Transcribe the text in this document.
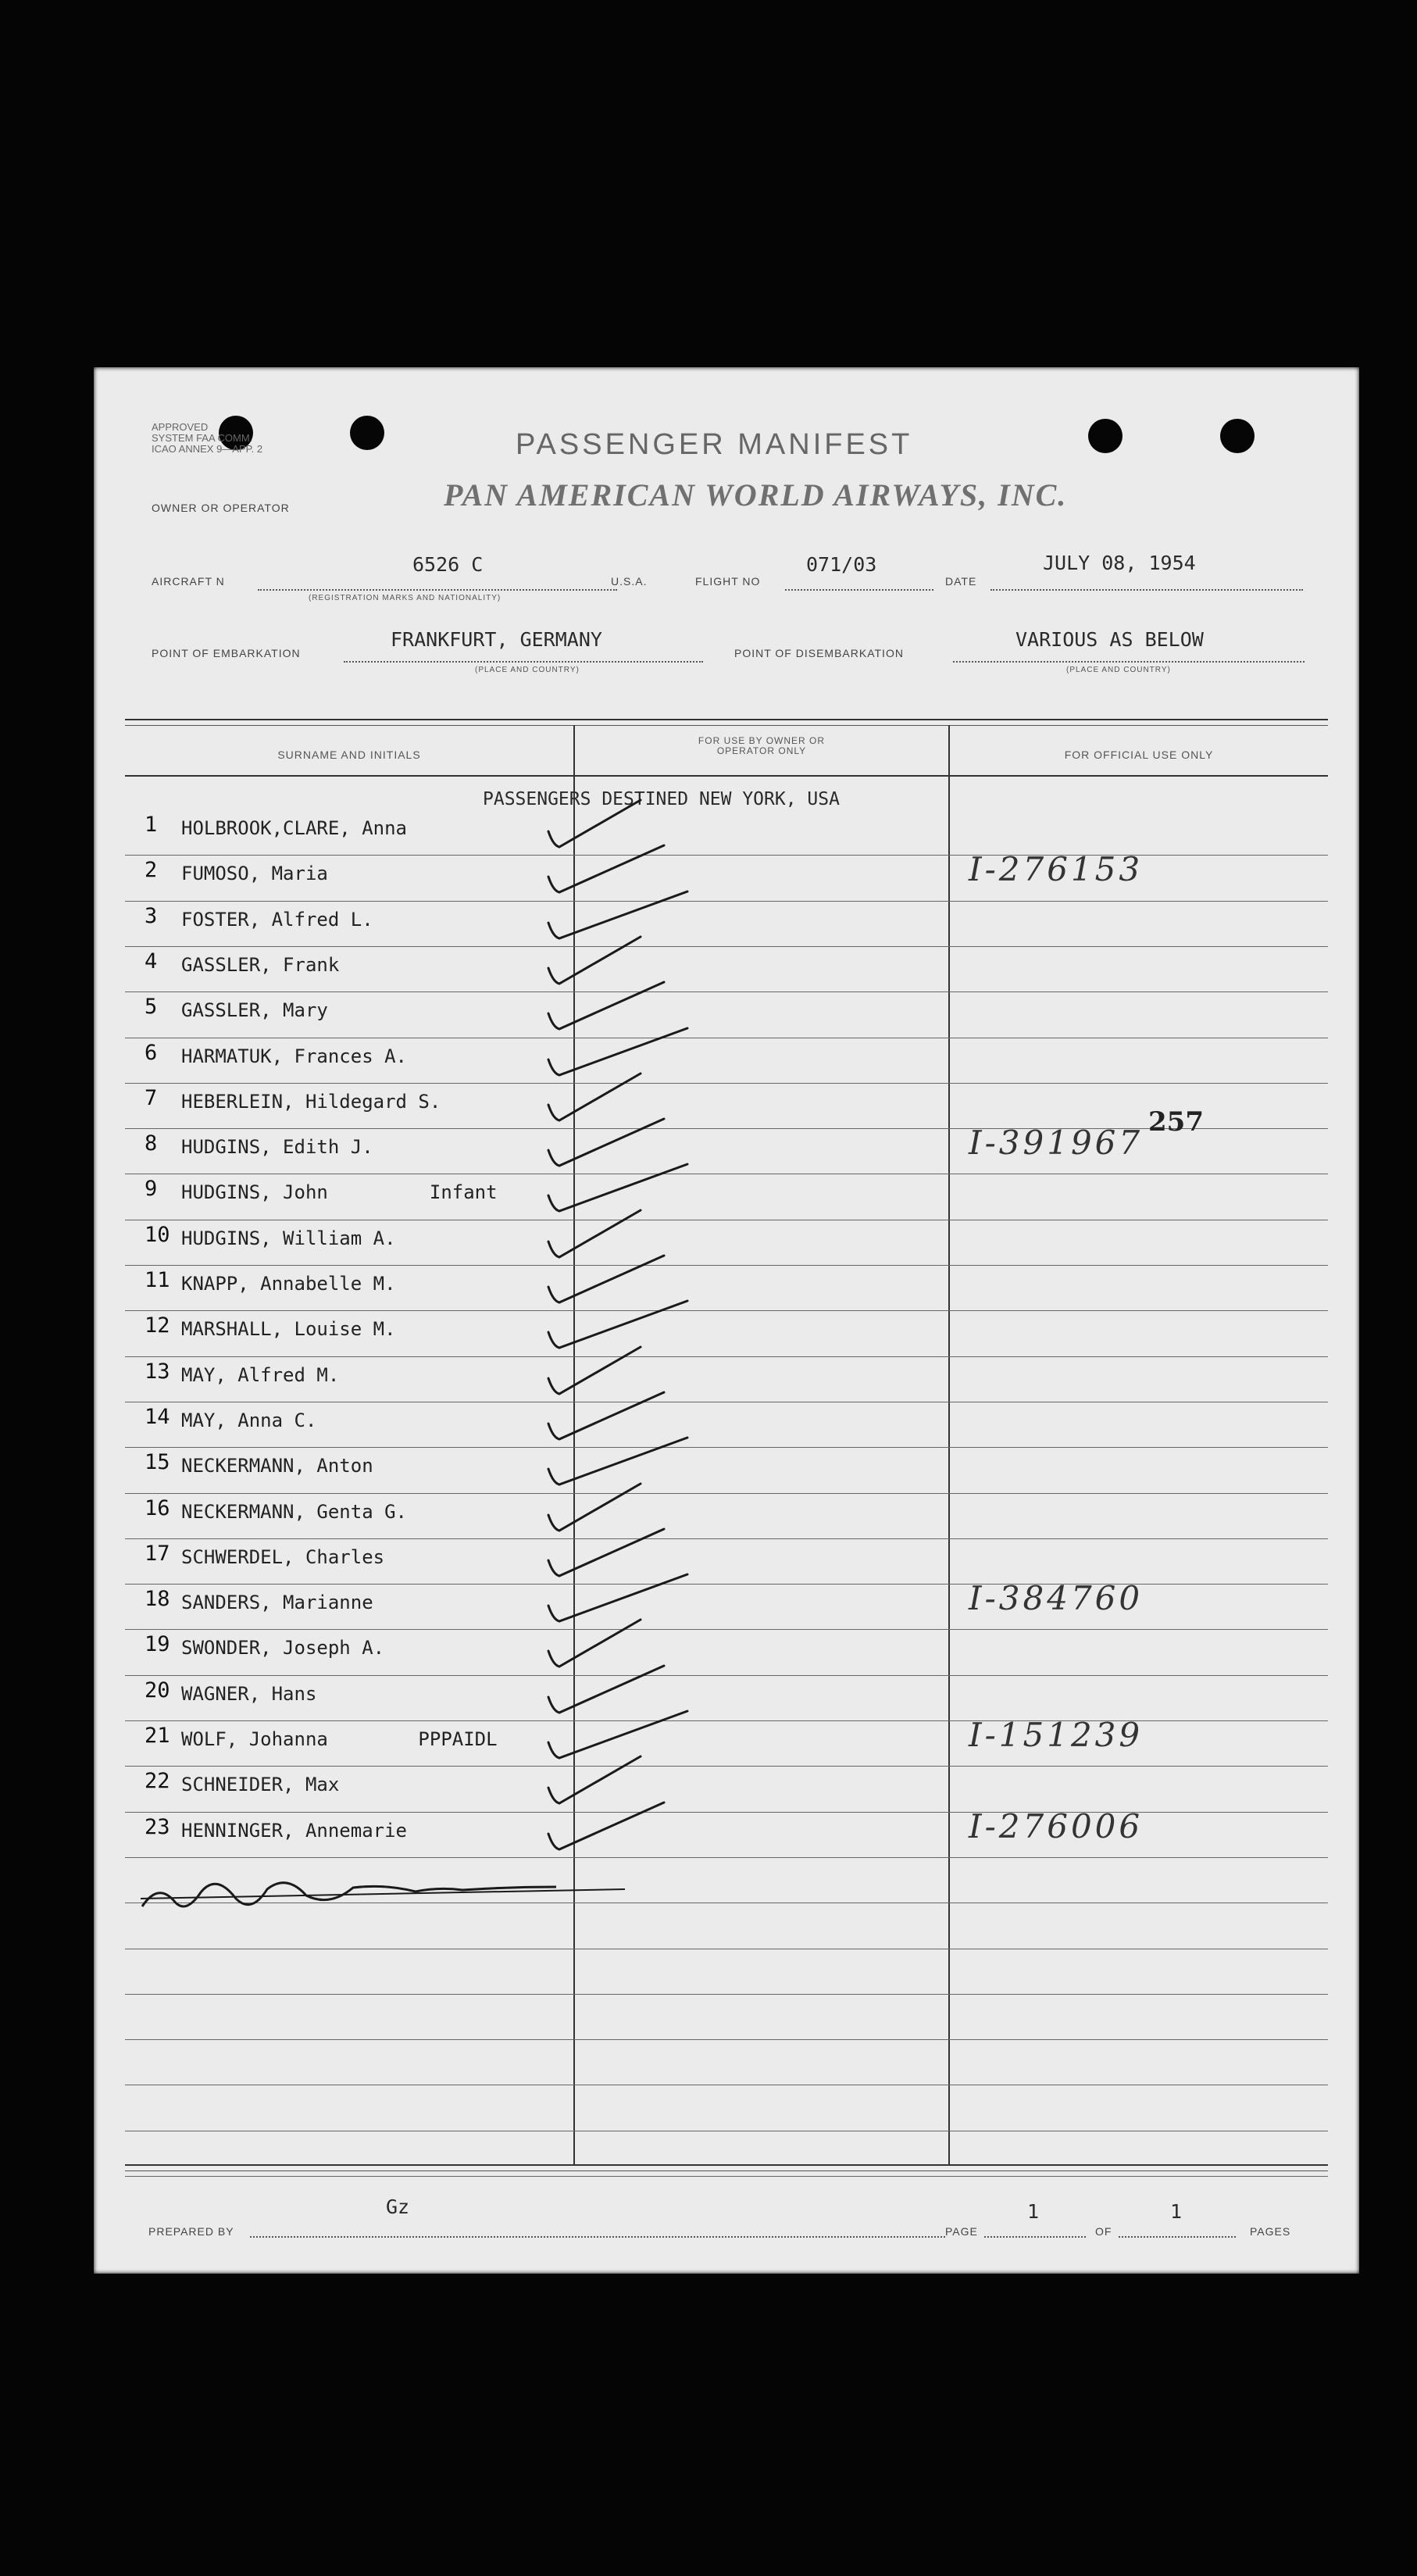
APPROVED
SYSTEM FAA COMM.
ICAO ANNEX 9—APP. 2	PASSENGER MANIFEST
PAN AMERICAN WORLD AIRWAYS, INC.
OWNER OR OPERATOR
AIRCRAFT N
6526 C
(REGISTRATION MARKS AND NATIONALITY)
U.S.A.	FLIGHT NO
071/03
DATE
JULY 08, 1954
POINT OF EMBARKATION
FRANKFURT, GERMANY
(PLACE AND COUNTRY)
POINT OF DISEMBARKATION
VARIOUS AS BELOW
(PLACE AND COUNTRY)
SURNAME AND INITIALS
FOR USE BY OWNER OR OPERATOR ONLY	FOR OFFICIAL USE ONLY
PASSENGERS DESTINED NEW YORK, USA
1 HOLBROOK,CLARE, Anna
2 FUMOSO, Maria	I-276153
3 FOSTER, Alfred L.
4 GASSLER, Frank
5 GASSLER, Mary
6 HARMATUK, Frances A.
7 HEBERLEIN, Hildegard S.
8 HUDGINS, Edith J.	I-391967
9 HUDGINS, John         Infant
10 HUDGINS, William A.
11 KNAPP, Annabelle M.
12 MARSHALL, Louise M.
13 MAY, Alfred M.
14 MAY, Anna C.
15 NECKERMANN, Anton
16 NECKERMANN, Genta G.
17 SCHWERDEL, Charles
18 SANDERS, Marianne	I-384760
19 SWONDER, Joseph A.
20 WAGNER, Hans
21 WOLF, Johanna        PPPAIDL	I-151239
22 SCHNEIDER, Max
23 HENNINGER, Annemarie	I-276006
257
PREPARED BY
Gz
PAGE
1
OF
1
PAGES
